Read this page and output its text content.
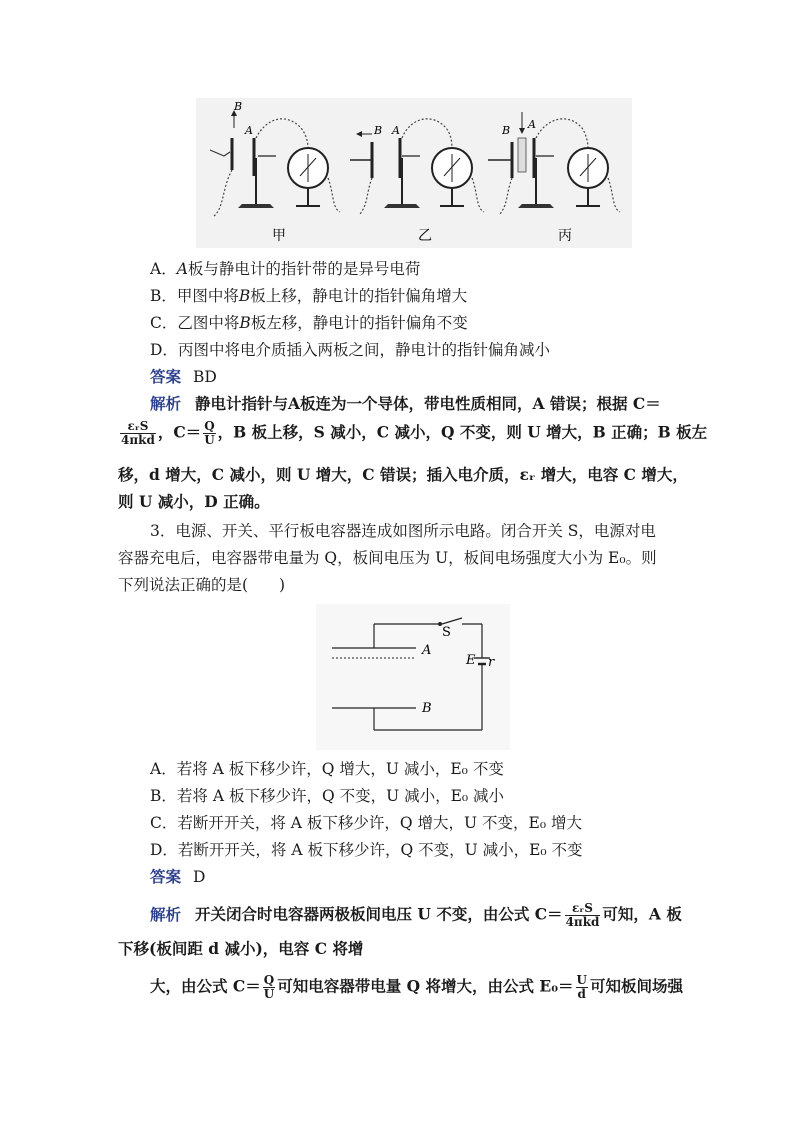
B
A
甲
B A
乙
B A
丙
A．A板与静电计的指针带的是异号电荷
B．甲图中将B板上移，静电计的指针偏角增大
C．乙图中将B板左移，静电计的指针偏角不变
D．丙图中将电介质插入两板之间，静电计的指针偏角减小
答案 BD
解析 静电计指针与A板连为一个导体，带电性质相同，A 错误；根据 C＝
$\frac{\text{εᵣS}}{\text{4πkd}}$ ，$C= \frac{Q}{U}$ ，B 板上移，S 减小，C 减小，Q 不变，则 U 增大，B 正确；B 板左
移，d 增大，C 减小，则 U 增大，C 错误；插入电介质，εᵣ 增大，电容 C 增大，
则 U 减小，D 正确。
3．电源、开关、平行板电容器连成如图所示电路。闭合开关 S，电源对电
容器充电后，电容器带电量为 Q，板间电压为 U，板间电场强度大小为 E₀。则
下列说法正确的是(　　)
S
A
B
E r
A．若将 A 板下移少许，Q 增大，U 减小，E₀ 不变
B．若将 A 板下移少许，Q 不变，U 减小，E₀ 减小
C．若断开开关，将 A 板下移少许，Q 增大，U 不变，E₀ 增大
D．若断开开关，将 A 板下移少许，Q 不变，U 减小，E₀ 不变
答案 D
解析 开关闭合时电容器两极板间电压 U 不变，由公式 $C= \frac{\text{εᵣS}}{\text{4πkd}}$ 可知，A 板
下移(板间距 d 减小)，电容 C 将增
大，由公式 $C= \frac{Q}{U}$ 可知电容器带电量 Q 将增大，由公式 $E_0= \frac{U}{d}$ 可知板间场强
